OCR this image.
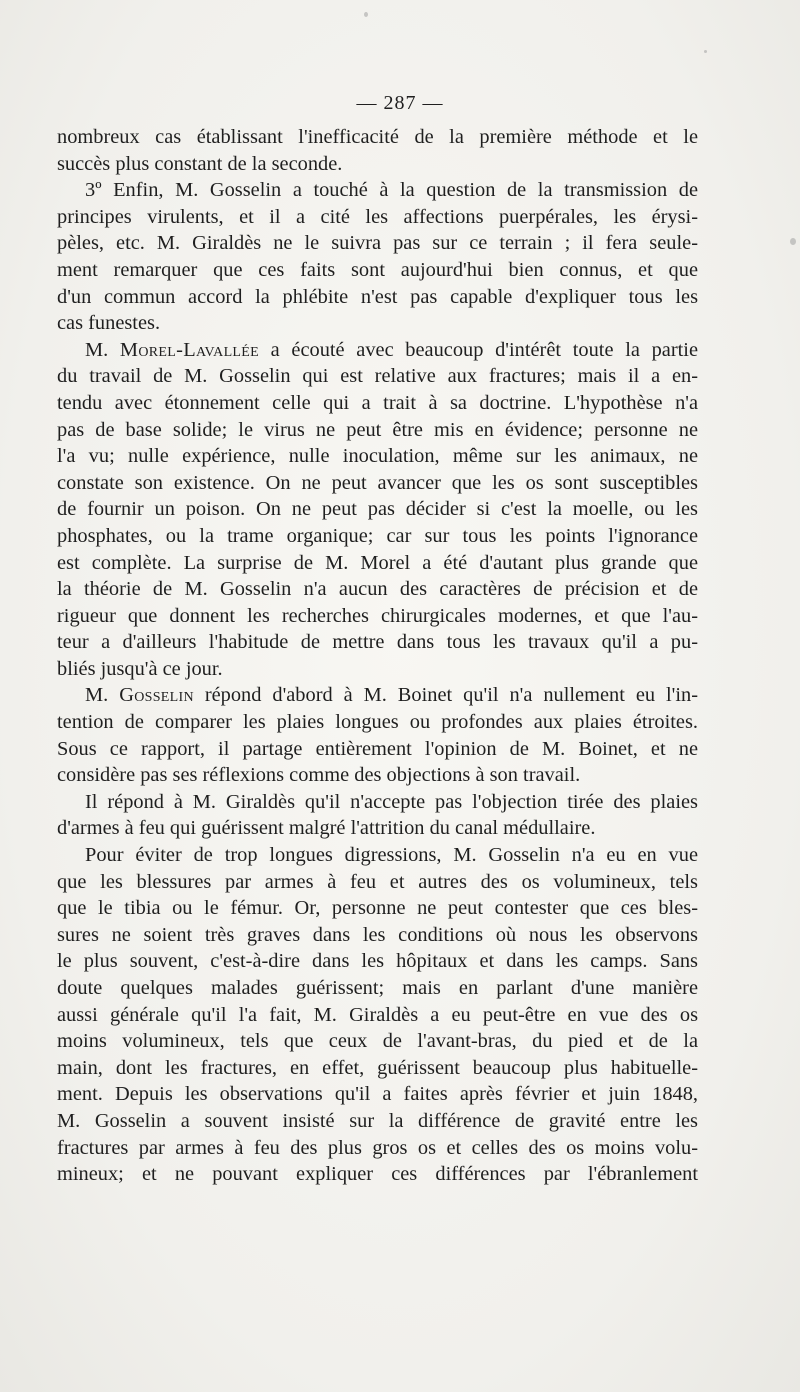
— 287 —
nombreux cas établissant l'inefficacité de la première méthode et le
succès plus constant de la seconde.
3º Enfin, M. Gosselin a touché à la question de la transmission de
principes virulents, et il a cité les affections puerpérales, les érysi-
pèles, etc. M. Giraldès ne le suivra pas sur ce terrain ; il fera seule-
ment remarquer que ces faits sont aujourd'hui bien connus, et que
d'un commun accord la phlébite n'est pas capable d'expliquer tous les
cas funestes.
M. Morel-Lavallée a écouté avec beaucoup d'intérêt toute la partie
du travail de M. Gosselin qui est relative aux fractures; mais il a en-
tendu avec étonnement celle qui a trait à sa doctrine. L'hypothèse n'a
pas de base solide; le virus ne peut être mis en évidence; personne ne
l'a vu; nulle expérience, nulle inoculation, même sur les animaux, ne
constate son existence. On ne peut avancer que les os sont susceptibles
de fournir un poison. On ne peut pas décider si c'est la moelle, ou les
phosphates, ou la trame organique; car sur tous les points l'ignorance
est complète. La surprise de M. Morel a été d'autant plus grande que
la théorie de M. Gosselin n'a aucun des caractères de précision et de
rigueur que donnent les recherches chirurgicales modernes, et que l'au-
teur a d'ailleurs l'habitude de mettre dans tous les travaux qu'il a pu-
bliés jusqu'à ce jour.
M. Gosselin répond d'abord à M. Boinet qu'il n'a nullement eu l'in-
tention de comparer les plaies longues ou profondes aux plaies étroites.
Sous ce rapport, il partage entièrement l'opinion de M. Boinet, et ne
considère pas ses réflexions comme des objections à son travail.
Il répond à M. Giraldès qu'il n'accepte pas l'objection tirée des plaies
d'armes à feu qui guérissent malgré l'attrition du canal médullaire.
Pour éviter de trop longues digressions, M. Gosselin n'a eu en vue
que les blessures par armes à feu et autres des os volumineux, tels
que le tibia ou le fémur. Or, personne ne peut contester que ces bles-
sures ne soient très graves dans les conditions où nous les observons
le plus souvent, c'est-à-dire dans les hôpitaux et dans les camps. Sans
doute quelques malades guérissent; mais en parlant d'une manière
aussi générale qu'il l'a fait, M. Giraldès a eu peut-être en vue des os
moins volumineux, tels que ceux de l'avant-bras, du pied et de la
main, dont les fractures, en effet, guérissent beaucoup plus habituelle-
ment. Depuis les observations qu'il a faites après février et juin 1848,
M. Gosselin a souvent insisté sur la différence de gravité entre les
fractures par armes à feu des plus gros os et celles des os moins volu-
mineux; et ne pouvant expliquer ces différences par l'ébranlement
